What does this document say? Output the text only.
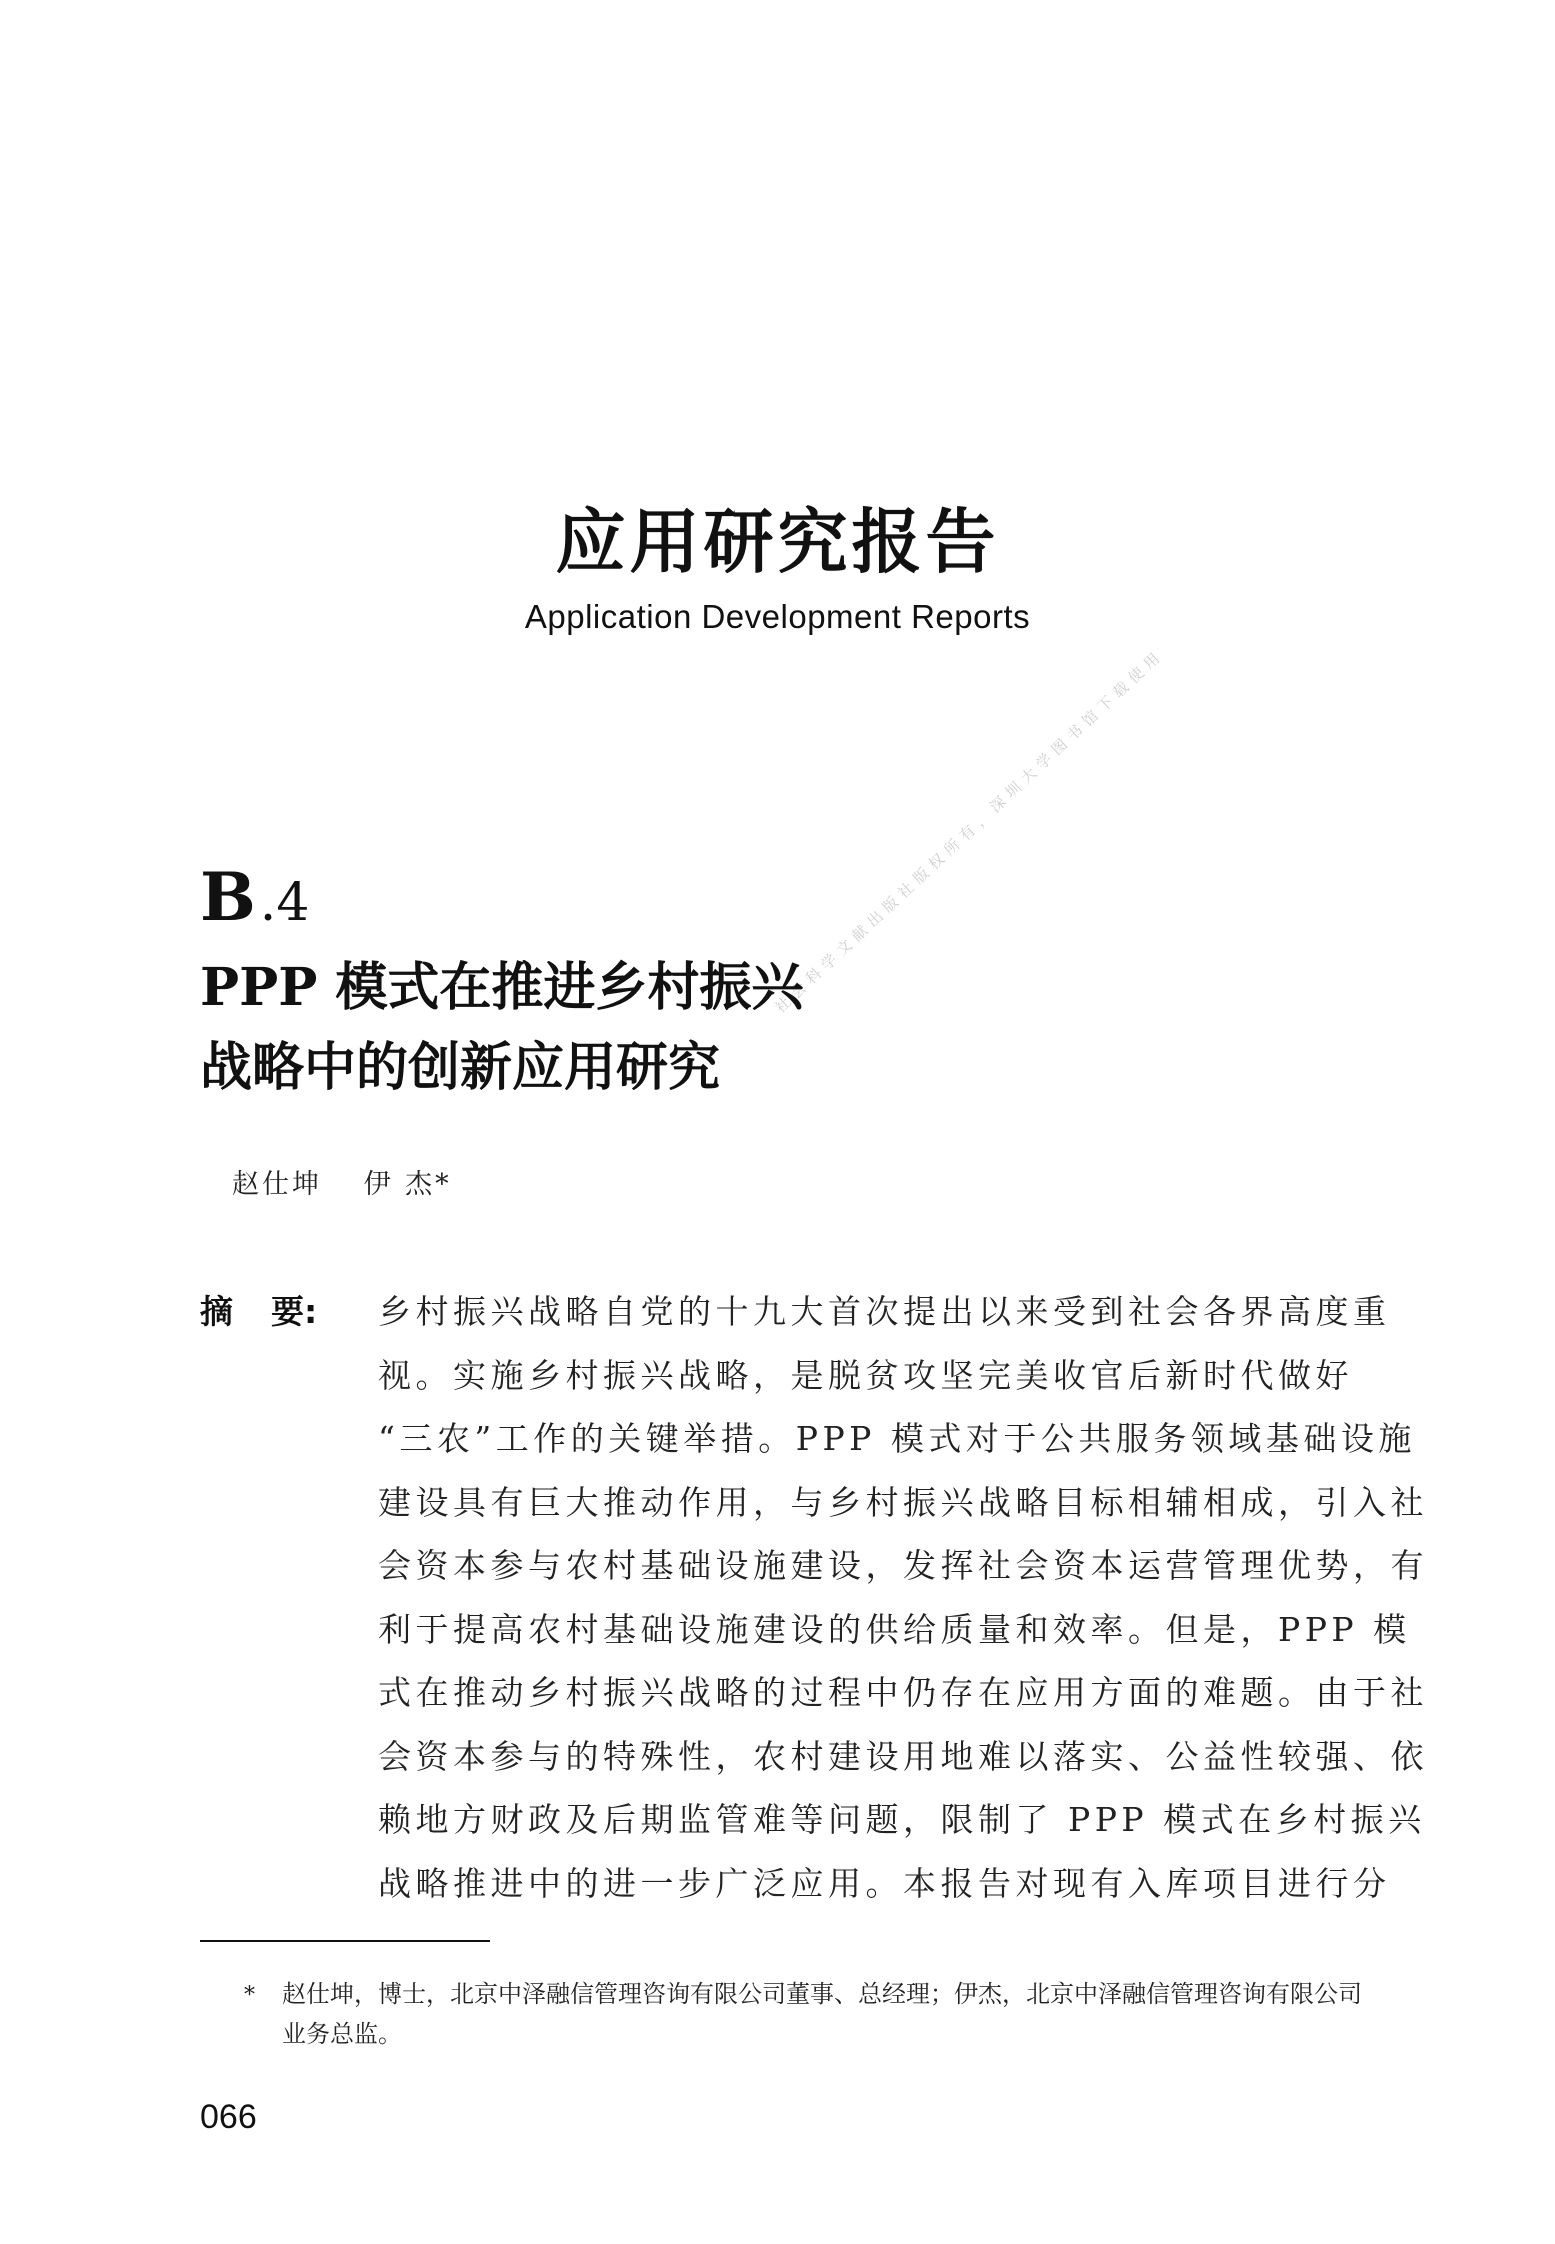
应用研究报告
Application Development Reports
社会科学文献出版社版权所有，深圳大学图书馆下载使用
B.4
PPP 模式在推进乡村振兴
战略中的创新应用研究
赵仕坤 伊 杰*
摘 要: 乡村振兴战略自党的十九大首次提出以来受到社会各界高度重
视。实施乡村振兴战略，是脱贫攻坚完美收官后新时代做好
“三农”工作的关键举措。PPP 模式对于公共服务领域基础设施
建设具有巨大推动作用，与乡村振兴战略目标相辅相成，引入社
会资本参与农村基础设施建设，发挥社会资本运营管理优势，有
利于提高农村基础设施建设的供给质量和效率。但是，PPP 模
式在推动乡村振兴战略的过程中仍存在应用方面的难题。由于社
会资本参与的特殊性，农村建设用地难以落实、公益性较强、依
赖地方财政及后期监管难等问题，限制了 PPP 模式在乡村振兴
战略推进中的进一步广泛应用。本报告对现有入库项目进行分
*	赵仕坤，博士，北京中泽融信管理咨询有限公司董事、总经理；伊杰，北京中泽融信管理咨询有限公司业务总监。
066
